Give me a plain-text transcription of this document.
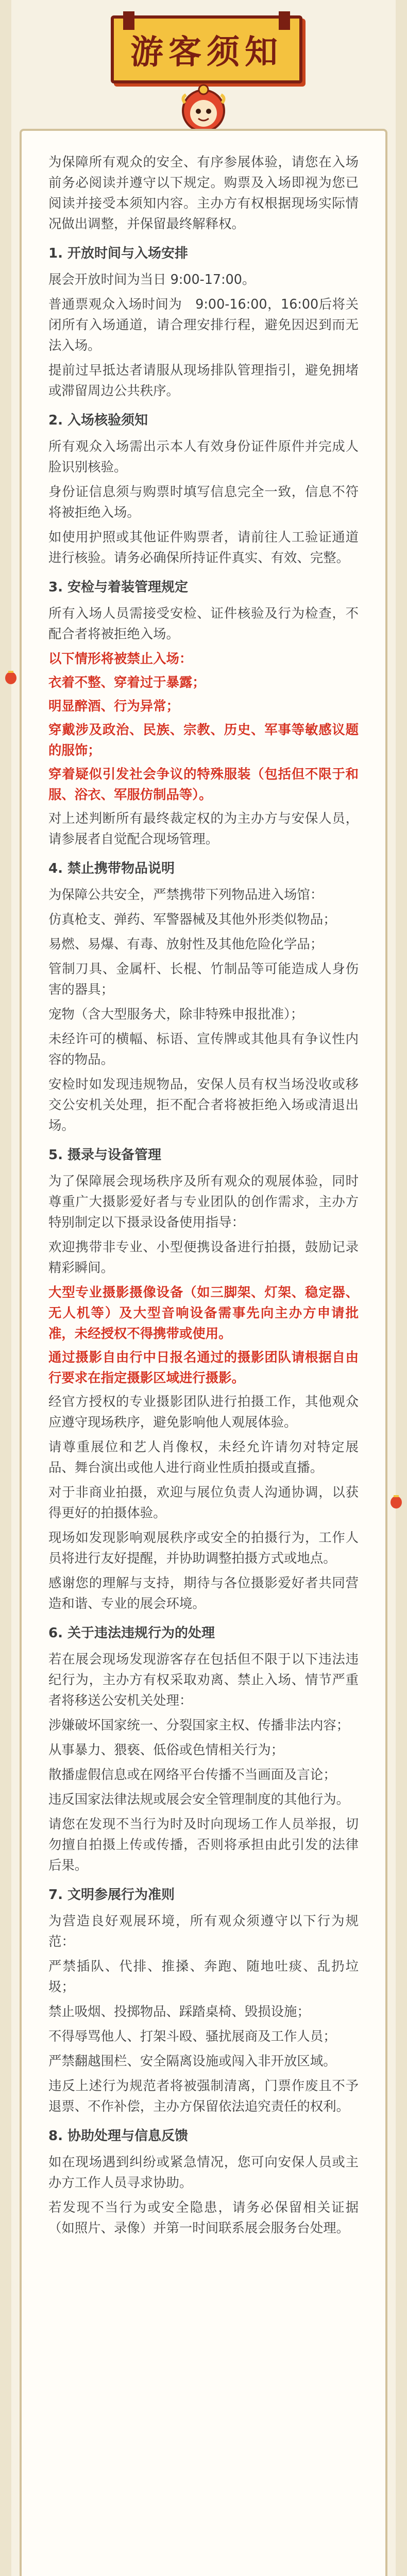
游客须知

为保障所有观众的安全、有序参展体验，请您在入场前务必阅读并遵守以下规定。购票及入场即视为您已阅读并接受本须知内容。主办方有权根据现场实际情况做出调整，并保留最终解释权。

1. 开放时间与入场安排

展会开放时间为当日 9:00-17:00。

普通票观众入场时间为　9:00-16:00，16:00后将关闭所有入场通道，请合理安排行程，避免因迟到而无法入场。

提前过早抵达者请服从现场排队管理指引，避免拥堵或滞留周边公共秩序。

2. 入场核验须知

所有观众入场需出示本人有效身份证件原件并完成人脸识别核验。

身份证信息须与购票时填写信息完全一致，信息不符将被拒绝入场。

如使用护照或其他证件购票者，请前往人工验证通道进行核验。请务必确保所持证件真实、有效、完整。

3. 安检与着装管理规定

所有入场人员需接受安检、证件核验及行为检查，不配合者将被拒绝入场。

以下情形将被禁止入场：

衣着不整、穿着过于暴露；

明显醉酒、行为异常；

穿戴涉及政治、民族、宗教、历史、军事等敏感议题的服饰；

穿着疑似引发社会争议的特殊服装（包括但不限于和服、浴衣、军服仿制品等）。

对上述判断所有最终裁定权的为主办方与安保人员，请参展者自觉配合现场管理。

4. 禁止携带物品说明

为保障公共安全，严禁携带下列物品进入场馆：

仿真枪支、弹药、军警器械及其他外形类似物品；

易燃、易爆、有毒、放射性及其他危险化学品；

管制刀具、金属杆、长棍、竹制品等可能造成人身伤害的器具；

宠物（含大型服务犬，除非特殊申报批准）；

未经许可的横幅、标语、宣传牌或其他具有争议性内容的物品。

安检时如发现违规物品，安保人员有权当场没收或移交公安机关处理，拒不配合者将被拒绝入场或清退出场。

5. 摄录与设备管理

为了保障展会现场秩序及所有观众的观展体验，同时尊重广大摄影爱好者与专业团队的创作需求，主办方特别制定以下摄录设备使用指导：

欢迎携带非专业、小型便携设备进行拍摄，鼓励记录精彩瞬间。

大型专业摄影摄像设备（如三脚架、灯架、稳定器、无人机等）及大型音响设备需事先向主办方申请批准，未经授权不得携带或使用。

通过摄影自由行中日报名通过的摄影团队请根据自由行要求在指定摄影区域进行摄影。

经官方授权的专业摄影团队进行拍摄工作，其他观众应遵守现场秩序，避免影响他人观展体验。

请尊重展位和艺人肖像权，未经允许请勿对特定展品、舞台演出或他人进行商业性质拍摄或直播。

对于非商业拍摄，欢迎与展位负责人沟通协调，以获得更好的拍摄体验。

现场如发现影响观展秩序或安全的拍摄行为，工作人员将进行友好提醒，并协助调整拍摄方式或地点。

感谢您的理解与支持，期待与各位摄影爱好者共同营造和谐、专业的展会环境。

6. 关于违法违规行为的处理

若在展会现场发现游客存在包括但不限于以下违法违纪行为，主办方有权采取劝离、禁止入场、情节严重者将移送公安机关处理：

涉嫌破坏国家统一、分裂国家主权、传播非法内容；

从事暴力、猥亵、低俗或色情相关行为；

散播虚假信息或在网络平台传播不当画面及言论；

违反国家法律法规或展会安全管理制度的其他行为。

请您在发现不当行为时及时向现场工作人员举报，切勿擅自拍摄上传或传播，否则将承担由此引发的法律后果。

7. 文明参展行为准则

为营造良好观展环境，所有观众须遵守以下行为规范：

严禁插队、代排、推搡、奔跑、随地吐痰、乱扔垃圾；

禁止吸烟、投掷物品、踩踏桌椅、毁损设施；

不得辱骂他人、打架斗殴、骚扰展商及工作人员；

严禁翻越围栏、安全隔离设施或闯入非开放区域。

违反上述行为规范者将被强制清离，门票作废且不予退票、不作补偿，主办方保留依法追究责任的权利。

8. 协助处理与信息反馈

如在现场遇到纠纷或紧急情况，您可向安保人员或主办方工作人员寻求协助。

若发现不当行为或安全隐患，请务必保留相关证据（如照片、录像）并第一时间联系展会服务台处理。
